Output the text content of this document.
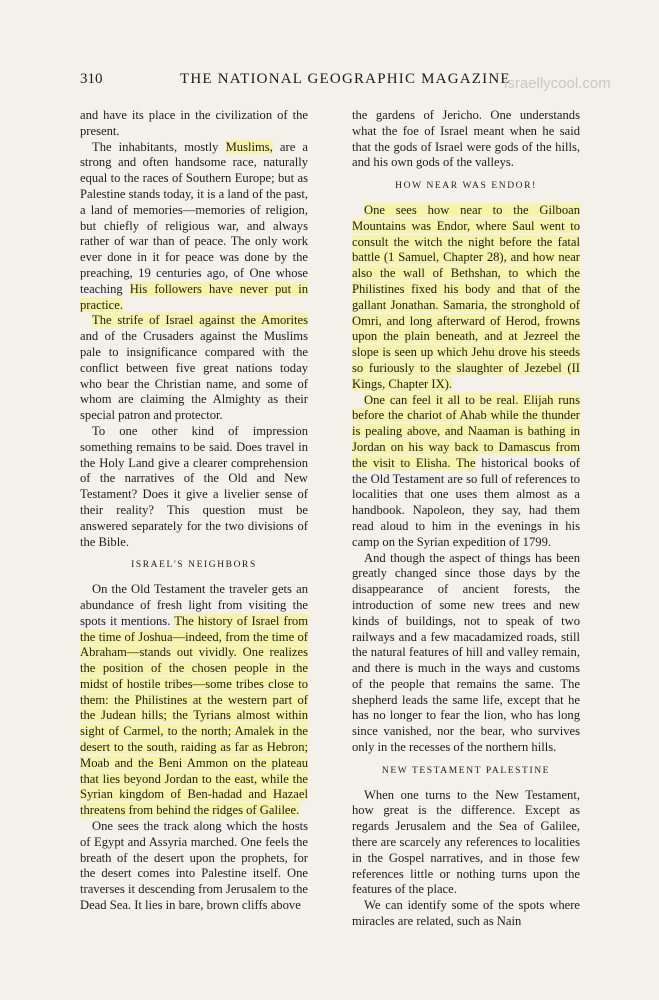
310	THE NATIONAL GEOGRAPHIC MAGAZINE
israellycool.com

and have its place in the civilization of the present.

The inhabitants, mostly Muslims, are a strong and often handsome race, naturally equal to the races of Southern Europe; but as Palestine stands today, it is a land of the past, a land of memories—memories of religion, but chiefly of religious war, and always rather of war than of peace. The only work ever done in it for peace was done by the preaching, 19 centuries ago, of One whose teaching His followers have never put in practice.

The strife of Israel against the Amorites and of the Crusaders against the Muslims pale to insignificance compared with the conflict between five great nations today who bear the Christian name, and some of whom are claiming the Almighty as their special patron and protector.

To one other kind of impression something remains to be said. Does travel in the Holy Land give a clearer comprehension of the narratives of the Old and New Testament? Does it give a livelier sense of their reality? This question must be answered separately for the two divisions of the Bible.

ISRAEL'S NEIGHBORS

On the Old Testament the traveler gets an abundance of fresh light from visiting the spots it mentions. The history of Israel from the time of Joshua—indeed, from the time of Abraham—stands out vividly. One realizes the position of the chosen people in the midst of hostile tribes—some tribes close to them: the Philistines at the western part of the Judean hills; the Tyrians almost within sight of Carmel, to the north; Amalek in the desert to the south, raiding as far as Hebron; Moab and the Beni Ammon on the plateau that lies beyond Jordan to the east, while the Syrian kingdom of Ben-hadad and Hazael threatens from behind the ridges of Galilee.

One sees the track along which the hosts of Egypt and Assyria marched. One feels the breath of the desert upon the prophets, for the desert comes into Palestine itself. One traverses it descending from Jerusalem to the Dead Sea. It lies in bare, brown cliffs above

the gardens of Jericho. One understands what the foe of Israel meant when he said that the gods of Israel were gods of the hills, and his own gods of the valleys.

HOW NEAR WAS ENDOR!

One sees how near to the Gilboan Mountains was Endor, where Saul went to consult the witch the night before the fatal battle (1 Samuel, Chapter 28), and how near also the wall of Bethshan, to which the Philistines fixed his body and that of the gallant Jonathan. Samaria, the stronghold of Omri, and long afterward of Herod, frowns upon the plain beneath, and at Jezreel the slope is seen up which Jehu drove his steeds so furiously to the slaughter of Jezebel (II Kings, Chapter IX).

One can feel it all to be real. Elijah runs before the chariot of Ahab while the thunder is pealing above, and Naaman is bathing in Jordan on his way back to Damascus from the visit to Elisha. The historical books of the Old Testament are so full of references to localities that one uses them almost as a handbook. Napoleon, they say, had them read aloud to him in the evenings in his camp on the Syrian expedition of 1799.

And though the aspect of things has been greatly changed since those days by the disappearance of ancient forests, the introduction of some new trees and new kinds of buildings, not to speak of two railways and a few macadamized roads, still the natural features of hill and valley remain, and there is much in the ways and customs of the people that remains the same. The shepherd leads the same life, except that he has no longer to fear the lion, who has long since vanished, nor the bear, who survives only in the recesses of the northern hills.

NEW TESTAMENT PALESTINE

When one turns to the New Testament, how great is the difference. Except as regards Jerusalem and the Sea of Galilee, there are scarcely any references to localities in the Gospel narratives, and in those few references little or nothing turns upon the features of the place.

We can identify some of the spots where miracles are related, such as Nain
